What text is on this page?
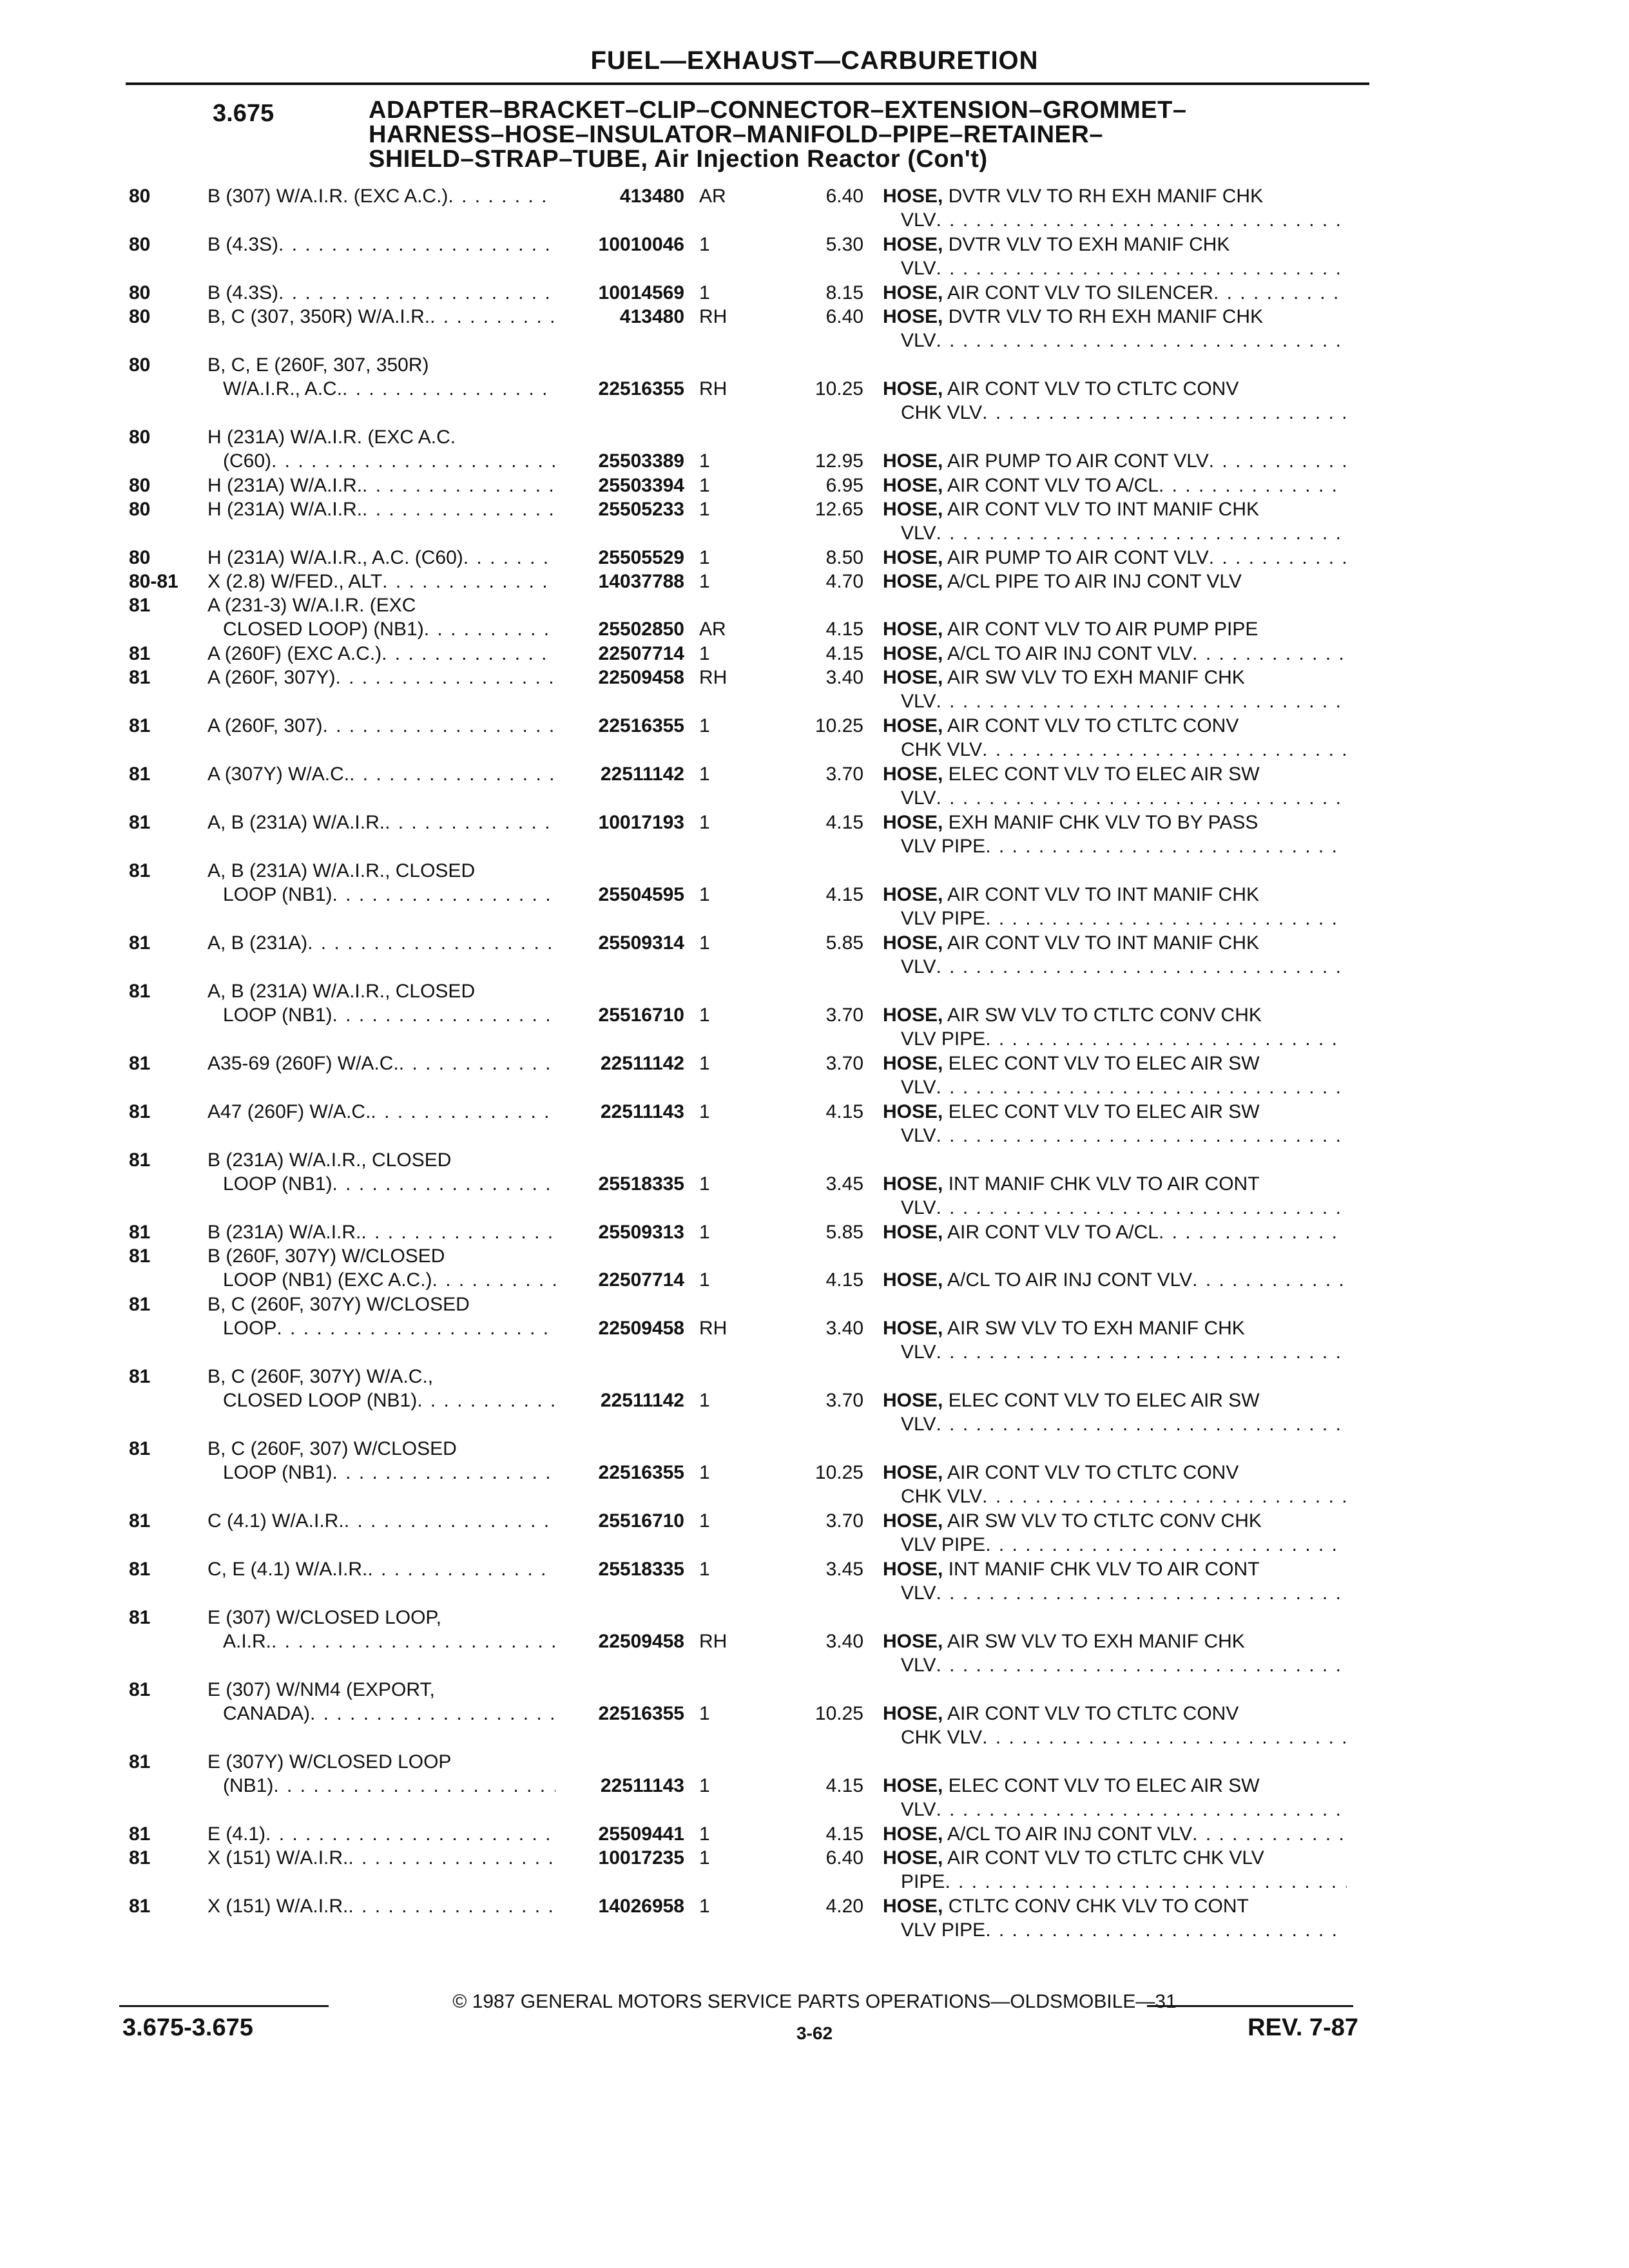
FUEL—EXHAUST—CARBURETION
3.675	ADAPTER–BRACKET–CLIP–CONNECTOR–EXTENSION–GROMMET–
HARNESS–HOSE–INSULATOR–MANIFOLD–PIPE–RETAINER–
SHIELD–STRAP–TUBE, Air Injection Reactor (Con't)
80	B (307) W/A.I.R. (EXC A.C.) . . .	413480 AR	6.40 HOSE, DVTR VLV TO RH EXH MANIF CHK
VLV
. . .
80	B (4.3S) . . .	10010046 1	5.30 HOSE, DVTR VLV TO EXH MANIF CHK
VLV
. . .
80	B (4.3S) . . .	10014569 1	8.15 HOSE, AIR CONT VLV TO SILENCER
. . .
80	B, C (307, 350R) W/A.I.R. . . .	413480 RH	6.40 HOSE, DVTR VLV TO RH EXH MANIF CHK
VLV
. . .
80	B, C, E (260F, 307, 350R)
W/A.I.R., A.C. . . .	22516355 RH	10.25 HOSE, AIR CONT VLV TO CTLTC CONV
CHK VLV
. . .
80	H (231A) W/A.I.R. (EXC A.C.
(C60) . . .	25503389 1	12.95 HOSE, AIR PUMP TO AIR CONT VLV
. . .
80	H (231A) W/A.I.R. . . .	25503394 1	6.95 HOSE, AIR CONT VLV TO A/CL
. . .
80	H (231A) W/A.I.R. . . .	25505233 1	12.65 HOSE, AIR CONT VLV TO INT MANIF CHK
VLV
. . .
80	H (231A) W/A.I.R., A.C. (C60) . . .	25505529 1	8.50 HOSE, AIR PUMP TO AIR CONT VLV
. . .
80-81 X (2.8) W/FED., ALT . . .	14037788 1	4.70 HOSE, A/CL PIPE TO AIR INJ CONT VLV
81	A (231-3) W/A.I.R. (EXC
CLOSED LOOP) (NB1) . . .	25502850 AR	4.15 HOSE, AIR CONT VLV TO AIR PUMP PIPE
81	A (260F) (EXC A.C.) . . .	22507714 1	4.15 HOSE, A/CL TO AIR INJ CONT VLV
. . .
81	A (260F, 307Y) . . .	22509458 RH	3.40 HOSE, AIR SW VLV TO EXH MANIF CHK
VLV
. . .
81	A (260F, 307) . . .	22516355 1	10.25 HOSE, AIR CONT VLV TO CTLTC CONV
CHK VLV
. . .
81	A (307Y) W/A.C. . . .	22511142 1	3.70 HOSE, ELEC CONT VLV TO ELEC AIR SW
VLV
. . .
81	A, B (231A) W/A.I.R. . . .	10017193 1	4.15 HOSE, EXH MANIF CHK VLV TO BY PASS
VLV PIPE
. . .
81	A, B (231A) W/A.I.R., CLOSED
LOOP (NB1) . . .	25504595 1	4.15 HOSE, AIR CONT VLV TO INT MANIF CHK
VLV PIPE
. . .
81	A, B (231A) . . .	25509314 1	5.85 HOSE, AIR CONT VLV TO INT MANIF CHK
VLV
. . .
81	A, B (231A) W/A.I.R., CLOSED
LOOP (NB1) . . .	25516710 1	3.70 HOSE, AIR SW VLV TO CTLTC CONV CHK
VLV PIPE
. . .
81	A35-69 (260F) W/A.C. . . .	22511142 1	3.70 HOSE, ELEC CONT VLV TO ELEC AIR SW
VLV
. . .
81	A47 (260F) W/A.C. . . .	22511143 1	4.15 HOSE, ELEC CONT VLV TO ELEC AIR SW
VLV
. . .
81	B (231A) W/A.I.R., CLOSED
LOOP (NB1) . . .	25518335 1	3.45 HOSE, INT MANIF CHK VLV TO AIR CONT
VLV
. . .
81	B (231A) W/A.I.R. . . .	25509313 1	5.85 HOSE, AIR CONT VLV TO A/CL
. . .
81	B (260F, 307Y) W/CLOSED
LOOP (NB1) (EXC A.C.) . . .	22507714 1	4.15 HOSE, A/CL TO AIR INJ CONT VLV
. . .
81	B, C (260F, 307Y) W/CLOSED
LOOP . . .	22509458 RH	3.40 HOSE, AIR SW VLV TO EXH MANIF CHK
VLV
. . .
81	B, C (260F, 307Y) W/A.C.,
CLOSED LOOP (NB1) . . .	22511142 1	3.70 HOSE, ELEC CONT VLV TO ELEC AIR SW
VLV
. . .
81	B, C (260F, 307) W/CLOSED
LOOP (NB1) . . .	22516355 1	10.25 HOSE, AIR CONT VLV TO CTLTC CONV
CHK VLV
. . .
81	C (4.1) W/A.I.R. . . .	25516710 1	3.70 HOSE, AIR SW VLV TO CTLTC CONV CHK
VLV PIPE
. . .
81	C, E (4.1) W/A.I.R. . . .	25518335 1	3.45 HOSE, INT MANIF CHK VLV TO AIR CONT
VLV
. . .
81	E (307) W/CLOSED LOOP,
A.I.R. . . .	22509458 RH	3.40 HOSE, AIR SW VLV TO EXH MANIF CHK
VLV
. . .
81	E (307) W/NM4 (EXPORT,
CANADA) . . .	22516355 1	10.25 HOSE, AIR CONT VLV TO CTLTC CONV
CHK VLV
. . .
81	E (307Y) W/CLOSED LOOP
(NB1) . . .	22511143 1	4.15 HOSE, ELEC CONT VLV TO ELEC AIR SW
VLV
. . .
81	E (4.1) . . .	25509441 1	4.15 HOSE, A/CL TO AIR INJ CONT VLV
. . .
81	X (151) W/A.I.R. . . .	10017235 1	6.40 HOSE, AIR CONT VLV TO CTLTC CHK VLV
PIPE
. . .
81	X (151) W/A.I.R. . . .	14026958 1	4.20 HOSE, CTLTC CONV CHK VLV TO CONT
VLV PIPE
. . .
© 1987 GENERAL MOTORS SERVICE PARTS OPERATIONS—OLDSMOBILE—31
3.675-3.675	3-62	REV. 7-87
